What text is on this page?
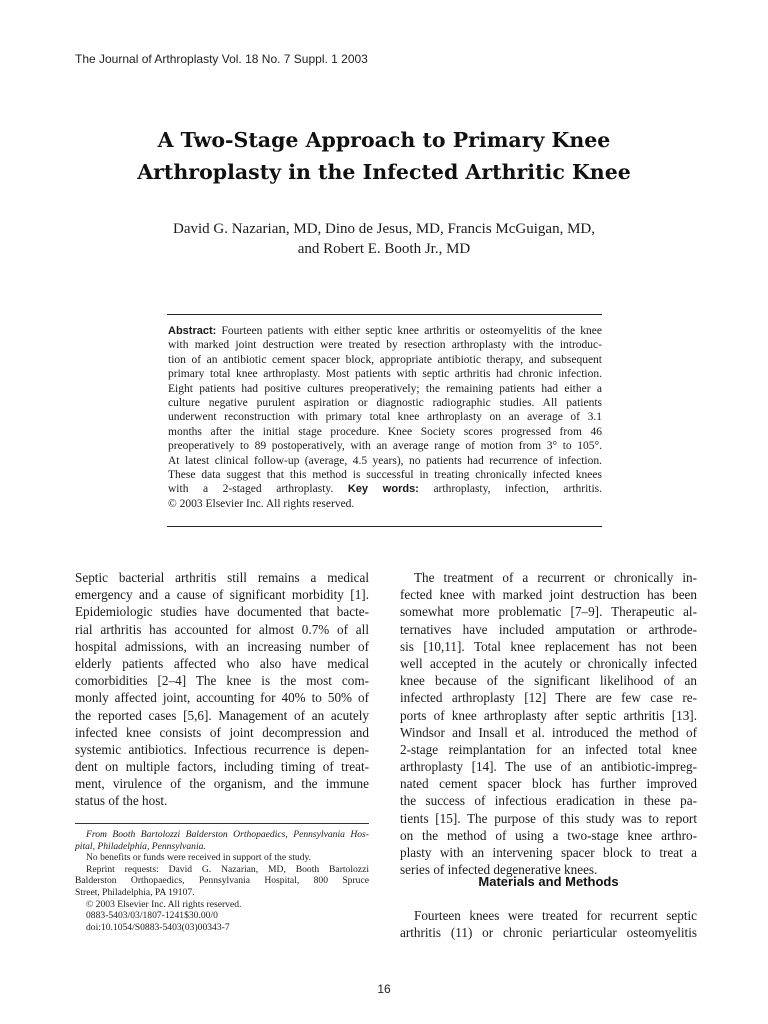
The Journal of Arthroplasty Vol. 18 No. 7 Suppl. 1 2003
A Two-Stage Approach to Primary Knee
Arthroplasty in the Infected Arthritic Knee
David G. Nazarian, MD, Dino de Jesus, MD, Francis McGuigan, MD,
and Robert E. Booth Jr., MD
Abstract: Fourteen patients with either septic knee arthritis or osteomyelitis of the knee
with marked joint destruction were treated by resection arthroplasty with the introduc-
tion of an antibiotic cement spacer block, appropriate antibiotic therapy, and subsequent
primary total knee arthroplasty. Most patients with septic arthritis had chronic infection.
Eight patients had positive cultures preoperatively; the remaining patients had either a
culture negative purulent aspiration or diagnostic radiographic studies. All patients
underwent reconstruction with primary total knee arthroplasty on an average of 3.1
months after the initial stage procedure. Knee Society scores progressed from 46
preoperatively to 89 postoperatively, with an average range of motion from 3° to 105°.
At latest clinical follow-up (average, 4.5 years), no patients had recurrence of infection.
These data suggest that this method is successful in treating chronically infected knees
with a 2-staged arthroplasty. Key words: arthroplasty, infection, arthritis.
© 2003 Elsevier Inc. All rights reserved.
Septic bacterial arthritis still remains a medical
emergency and a cause of significant morbidity [1].
Epidemiologic studies have documented that bacte-
rial arthritis has accounted for almost 0.7% of all
hospital admissions, with an increasing number of
elderly patients affected who also have medical
comorbidities [2–4] The knee is the most com-
monly affected joint, accounting for 40% to 50% of
the reported cases [5,6]. Management of an acutely
infected knee consists of joint decompression and
systemic antibiotics. Infectious recurrence is depen-
dent on multiple factors, including timing of treat-
ment, virulence of the organism, and the immune
status of the host.
The treatment of a recurrent or chronically in-
fected knee with marked joint destruction has been
somewhat more problematic [7–9]. Therapeutic al-
ternatives have included amputation or arthrode-
sis [10,11]. Total knee replacement has not been
well accepted in the acutely or chronically infected
knee because of the significant likelihood of an
infected arthroplasty [12] There are few case re-
ports of knee arthroplasty after septic arthritis [13].
Windsor and Insall et al. introduced the method of
2-stage reimplantation for an infected total knee
arthroplasty [14]. The use of an antibiotic-impreg-
nated cement spacer block has further improved
the success of infectious eradication in these pa-
tients [15]. The purpose of this study was to report
on the method of using a two-stage knee arthro-
plasty with an intervening spacer block to treat a
series of infected degenerative knees.
Materials and Methods
Fourteen knees were treated for recurrent septic
arthritis (11) or chronic periarticular osteomyelitis
From Booth Bartolozzi Balderston Orthopaedics, Pennsylvania Hos-
pital, Philadelphia, Pennsylvania.
No benefits or funds were received in support of the study.
Reprint requests: David G. Nazarian, MD, Booth Bartolozzi
Balderston Orthopaedics, Pennsylvania Hospital, 800 Spruce
Street, Philadelphia, PA 19107.
© 2003 Elsevier Inc. All rights reserved.
0883-5403/03/1807-1241$30.00/0
doi:10.1054/S0883-5403(03)00343-7
16
